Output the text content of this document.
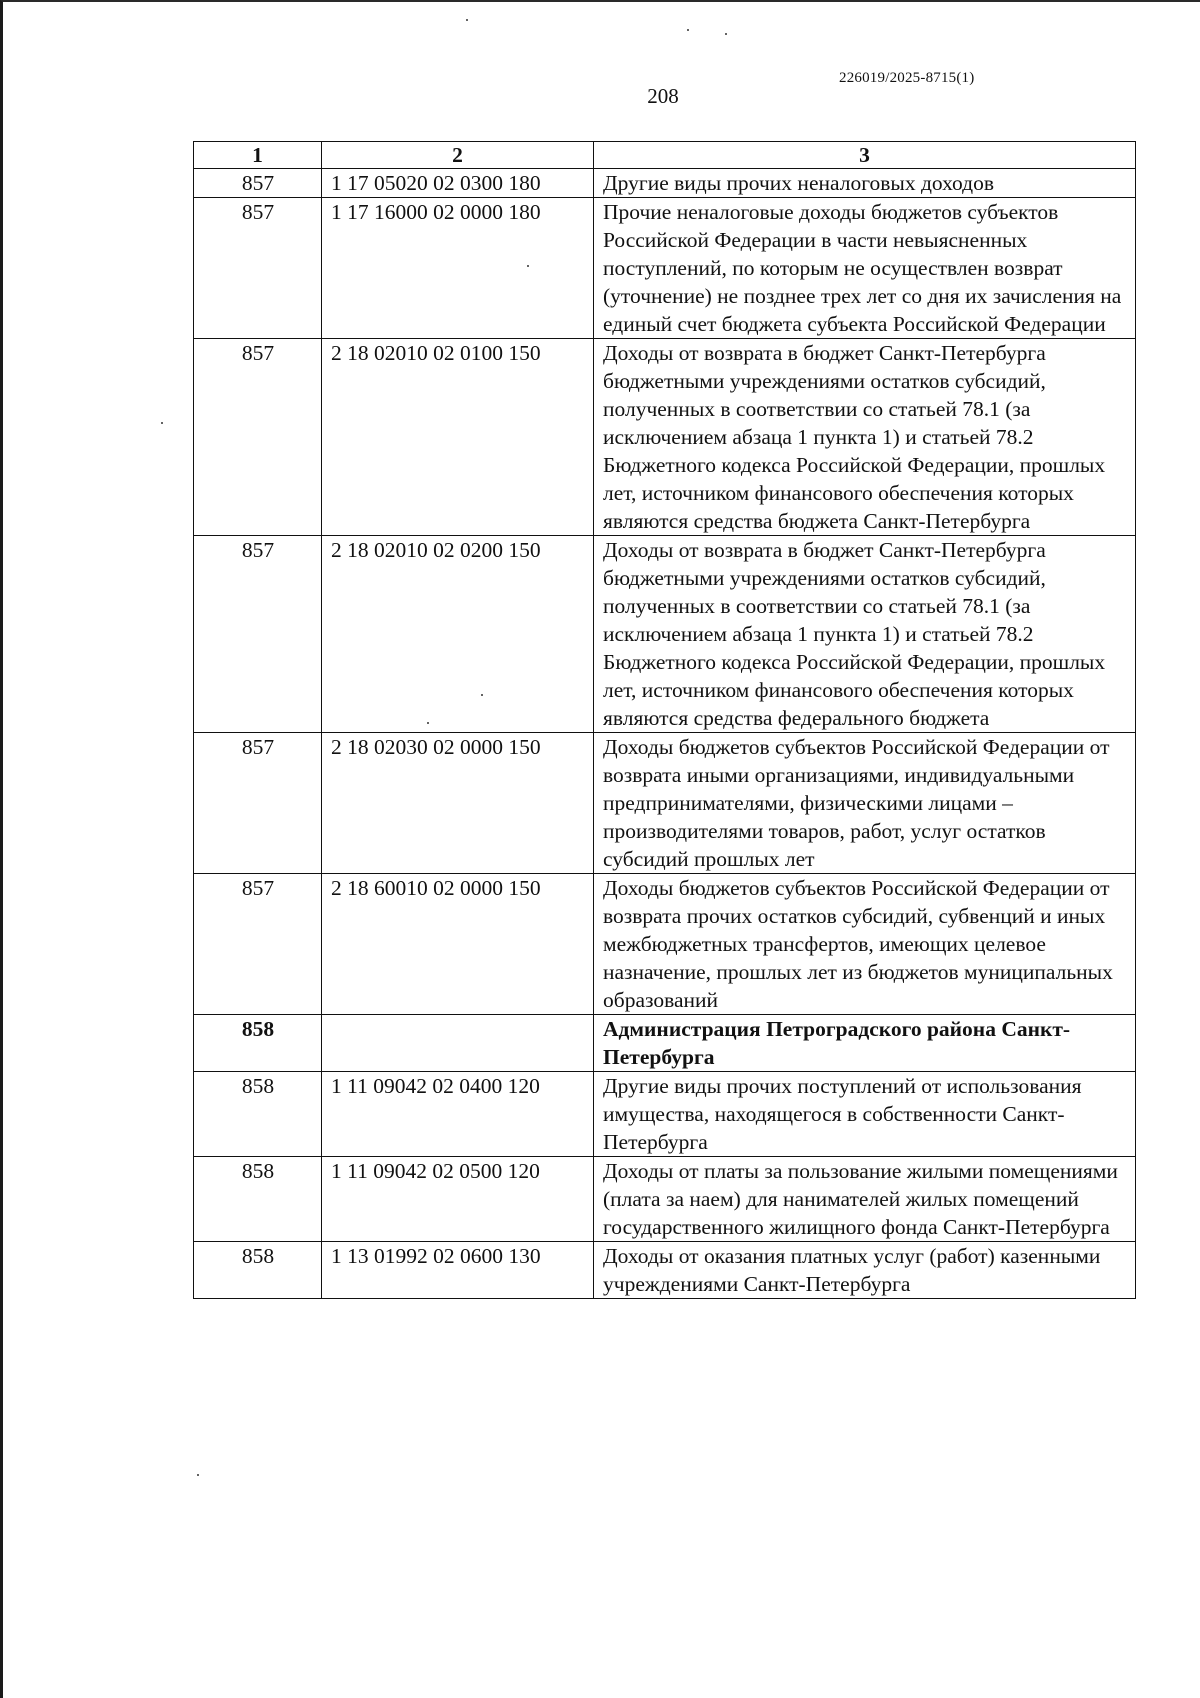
226019/2025-8715(1)
208
1	2	3
857	1 17 05020 02 0300 180	Другие виды прочих неналоговых доходов
857	1 17 16000 02 0000 180	Прочие неналоговые доходы бюджетов субъектов Российской Федерации в части невыясненных поступлений, по которым не осуществлен возврат (уточнение) не позднее трех лет со дня их зачисления на единый счет бюджета субъекта Российской Федерации
857	2 18 02010 02 0100 150	Доходы от возврата в бюджет Санкт-Петербурга бюджетными учреждениями остатков субсидий, полученных в соответствии со статьей 78.1 (за исключением абзаца 1 пункта 1) и статьей 78.2 Бюджетного кодекса Российской Федерации, прошлых лет, источником финансового обеспечения которых являются средства бюджета Санкт-Петербурга
857	2 18 02010 02 0200 150	Доходы от возврата в бюджет Санкт-Петербурга бюджетными учреждениями остатков субсидий, полученных в соответствии со статьей 78.1 (за исключением абзаца 1 пункта 1) и статьей 78.2 Бюджетного кодекса Российской Федерации, прошлых лет, источником финансового обеспечения которых являются средства федерального бюджета
857	2 18 02030 02 0000 150	Доходы бюджетов субъектов Российской Федерации от возврата иными организациями, индивидуальными предпринимателями, физическими лицами – производителями товаров, работ, услуг остатков субсидий прошлых лет
857	2 18 60010 02 0000 150	Доходы бюджетов субъектов Российской Федерации от возврата прочих остатков субсидий, субвенций и иных межбюджетных трансфертов, имеющих целевое назначение, прошлых лет из бюджетов муниципальных образований
858		Администрация Петроградского района Санкт-Петербурга
858	1 11 09042 02 0400 120	Другие виды прочих поступлений от использования имущества, находящегося в собственности Санкт-Петербурга
858	1 11 09042 02 0500 120	Доходы от платы за пользование жилыми помещениями (плата за наем) для нанимателей жилых помещений государственного жилищного фонда Санкт-Петербурга
858	1 13 01992 02 0600 130	Доходы от оказания платных услуг (работ) казенными учреждениями Санкт-Петербурга
